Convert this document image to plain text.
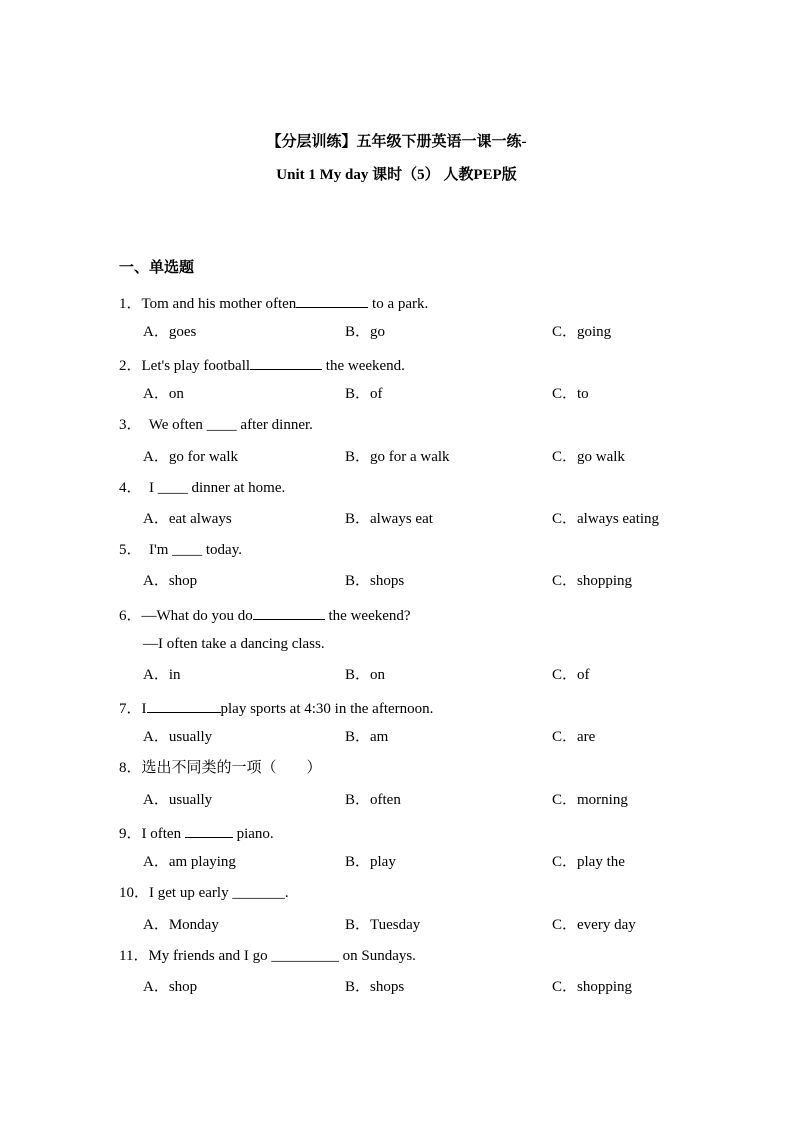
【分层训练】五年级下册英语一课一练-
Unit 1 My day 课时（5） 人教PEP版
一、单选题
1．Tom and his mother often	to a park.
A．goes	B．go	C．going
2．Let's play football	the weekend.
A．on	B．of	C．to
3．  We often ____ after dinner.
A．go for walk	B．go for a walk	C．go walk
4．  I ____ dinner at home.
A．eat always	B．always eat	C．always eating
5．  I'm ____ today.
A．shop	B．shops	C．shopping
6．—What do you do	the weekend?
—I often take a dancing class.
A．in	B．on	C．of
7．I	play sports at 4:30 in the afternoon.
A．usually	B．am	C．are
8．选出不同类的一项（　　）
A．usually	B．often	C．morning
9．I often	piano.
A．am playing	B．play	C．play the
10．I get up early _______.
A．Monday	B．Tuesday	C．every day
11．My friends and I go _________ on Sundays.
A．shop	B．shops	C．shopping
